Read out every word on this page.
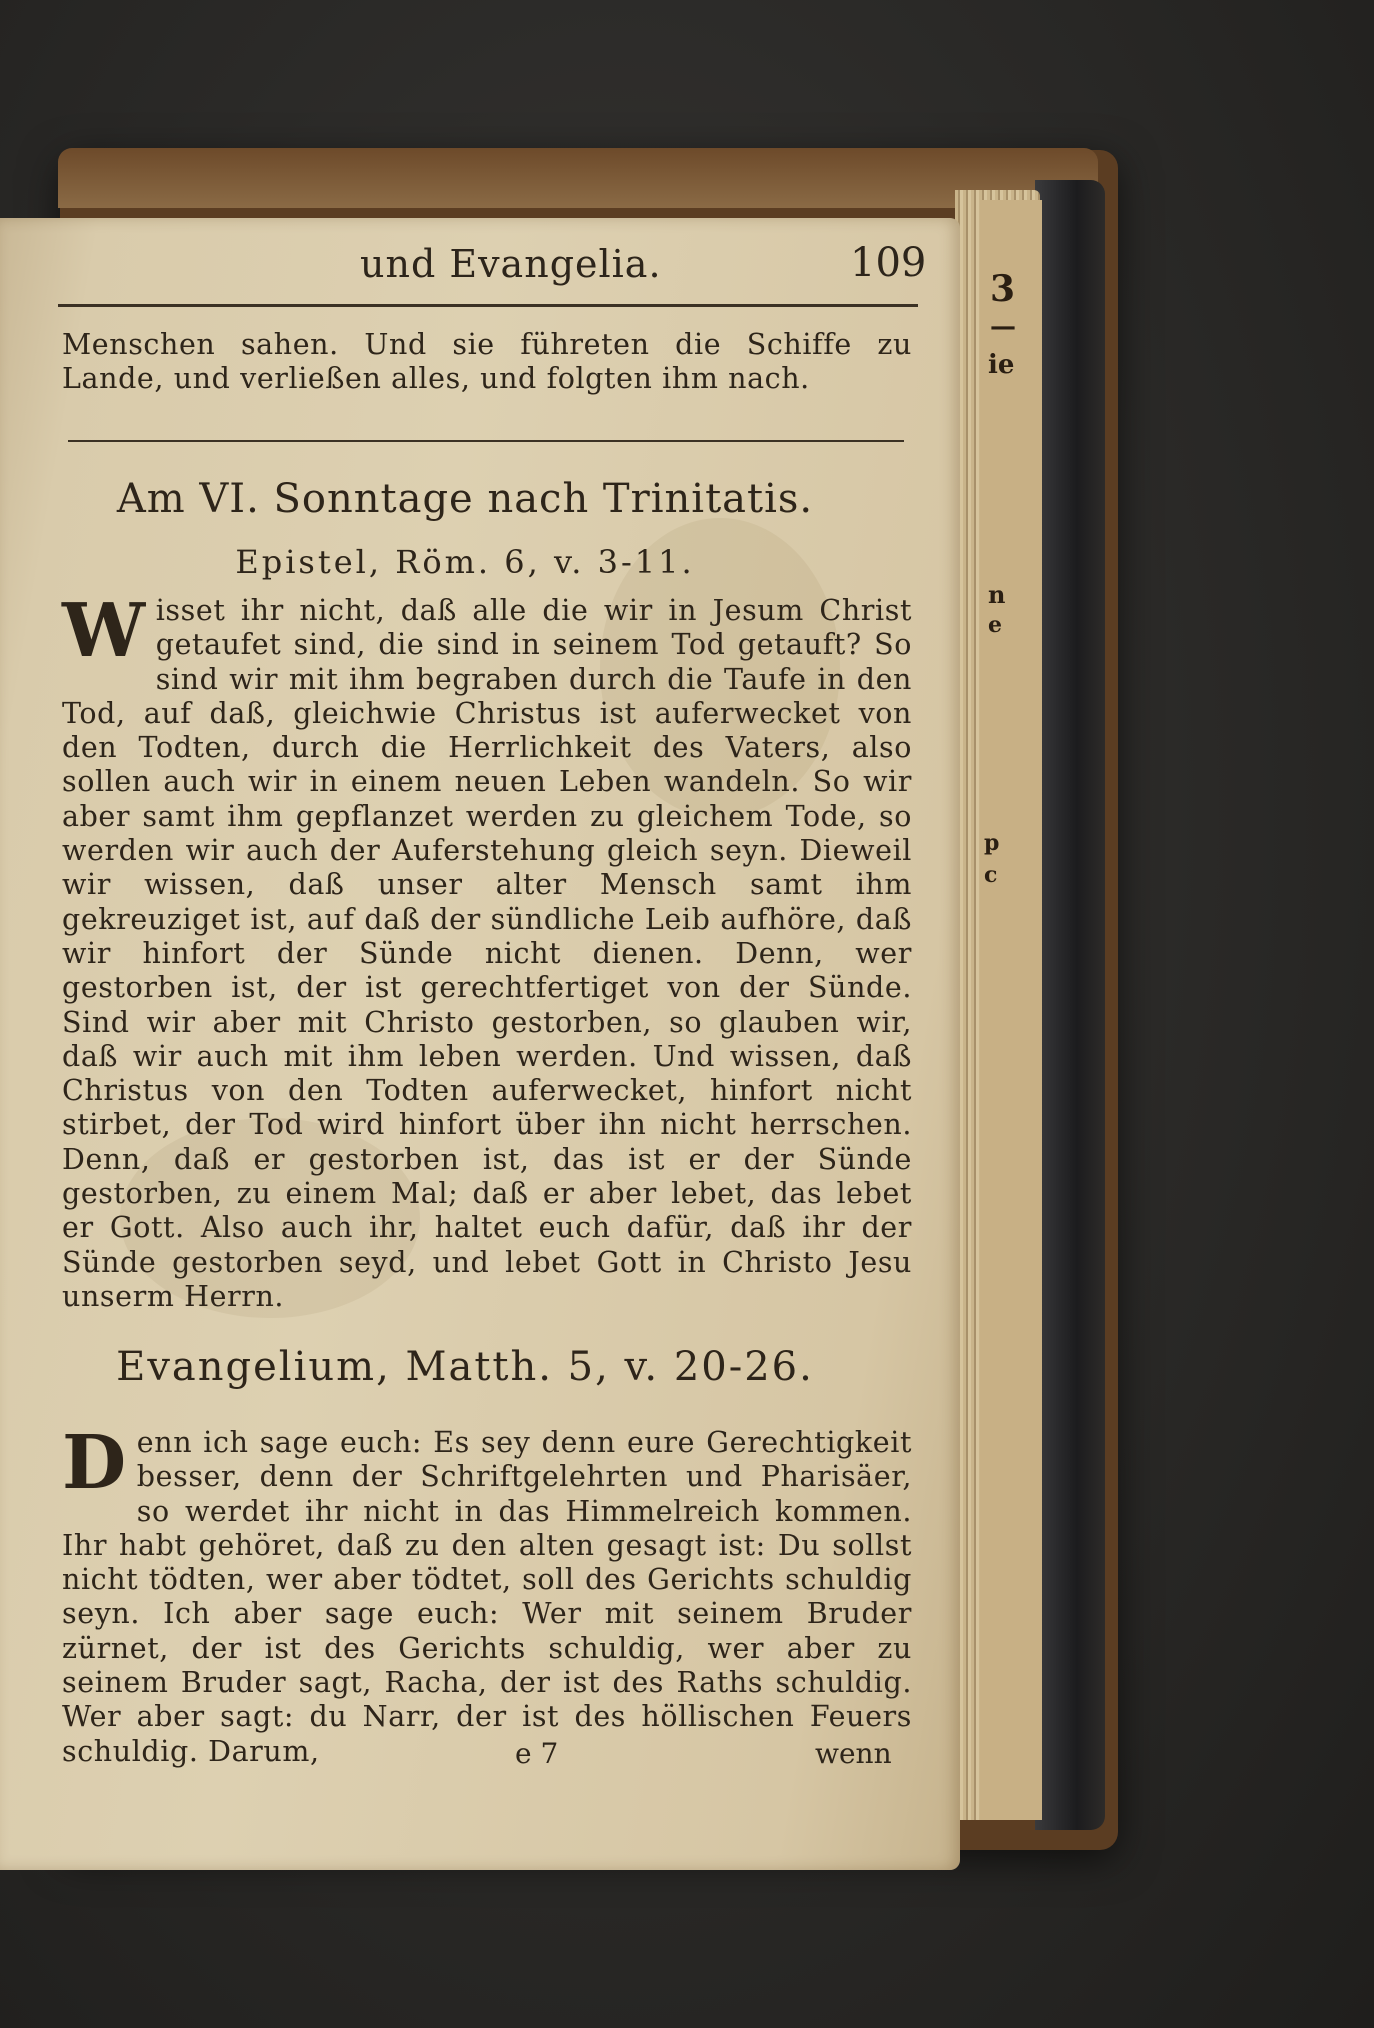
3
—
ie
n
e
p
c
und Evangelia.	109
Menschen sahen. Und sie führeten die Schiffe zu Lande, und verließen alles, und folgten ihm nach.
Am VI. Sonntage nach Trinitatis.
Epistel, Röm. 6, v. 3-11.
Wisset ihr nicht, daß alle die wir in Jesum Christ getaufet sind, die sind in seinem Tod getauft? So sind wir mit ihm begraben durch die Taufe in den Tod, auf daß, gleichwie Christus ist auferwecket von den Todten, durch die Herrlichkeit des Vaters, also sollen auch wir in einem neuen Leben wandeln. So wir aber samt ihm gepflanzet werden zu gleichem Tode, so werden wir auch der Auferstehung gleich seyn. Dieweil wir wissen, daß unser alter Mensch samt ihm gekreuziget ist, auf daß der sündliche Leib aufhöre, daß wir hinfort der Sünde nicht dienen. Denn, wer gestorben ist, der ist gerechtfertiget von der Sünde. Sind wir aber mit Christo gestorben, so glauben wir, daß wir auch mit ihm leben werden. Und wissen, daß Christus von den Todten auferwecket, hinfort nicht stirbet, der Tod wird hinfort über ihn nicht herrschen. Denn, daß er gestorben ist, das ist er der Sünde gestorben, zu einem Mal; daß er aber lebet, das lebet er Gott. Also auch ihr, haltet euch dafür, daß ihr der Sünde gestorben seyd, und lebet Gott in Christo Jesu unserm Herrn.
Evangelium, Matth. 5, v. 20-26.
Denn ich sage euch: Es sey denn eure Gerechtigkeit besser, denn der Schriftgelehrten und Pharisäer, so werdet ihr nicht in das Himmelreich kommen. Ihr habt gehöret, daß zu den alten gesagt ist: Du sollst nicht tödten, wer aber tödtet, soll des Gerichts schuldig seyn. Ich aber sage euch: Wer mit seinem Bruder zürnet, der ist des Gerichts schuldig, wer aber zu seinem Bruder sagt, Racha, der ist des Raths schuldig. Wer aber sagt: du Narr, der ist des höllischen Feuers schuldig. Darum,	e 7	wenn
